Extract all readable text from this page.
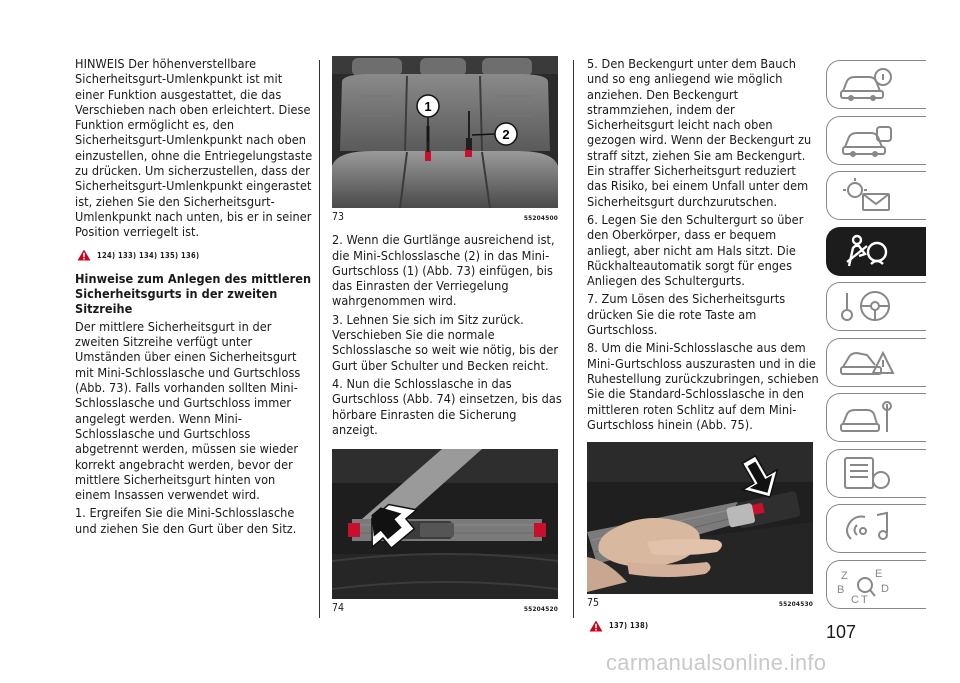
HINWEIS Der höhenverstellbare Sicherheitsgurt-Umlenkpunkt ist mit einer Funktion ausgestattet, die das Verschieben nach oben erleichtert. Diese Funktion ermöglicht es, den Sicherheitsgurt-Umlenkpunkt nach oben einzustellen, ohne die Entriegelungstaste zu drücken. Um sicherzustellen, dass der Sicherheitsgurt-Umlenkpunkt eingerastet ist, ziehen Sie den Sicherheitsgurt-Umlenkpunkt nach unten, bis er in seiner Position verriegelt ist.

124) 133) 134) 135) 136)

Hinweise zum Anlegen des mittleren Sicherheitsgurts in der zweiten Sitzreihe

Der mittlere Sicherheitsgurt in der zweiten Sitzreihe verfügt unter Umständen über einen Sicherheitsgurt mit Mini-Schlosslasche und Gurtschloss (Abb. 73). Falls vorhanden sollten Mini-Schlosslasche und Gurtschloss immer angelegt werden. Wenn Mini-Schlosslasche und Gurtschloss abgetrennt werden, müssen sie wieder korrekt angebracht werden, bevor der mittlere Sicherheitsgurt hinten von einem Insassen verwendet wird.

1. Ergreifen Sie die Mini-Schlosslasche und ziehen Sie den Gurt über den Sitz.

1
2
73	55204500

2. Wenn die Gurtlänge ausreichend ist, die Mini-Schlosslasche (2) in das Mini-Gurtschloss (1) (Abb. 73) einfügen, bis das Einrasten der Verriegelung wahrgenommen wird.

3. Lehnen Sie sich im Sitz zurück. Verschieben Sie die normale Schlosslasche so weit wie nötig, bis der Gurt über Schulter und Becken reicht.

4. Nun die Schlosslasche in das Gurtschloss (Abb. 74) einsetzen, bis das hörbare Einrasten die Sicherung anzeigt.

74	55204520

5. Den Beckengurt unter dem Bauch und so eng anliegend wie möglich anziehen. Den Beckengurt strammziehen, indem der Sicherheitsgurt leicht nach oben gezogen wird. Wenn der Beckengurt zu straff sitzt, ziehen Sie am Beckengurt. Ein straffer Sicherheitsgurt reduziert das Risiko, bei einem Unfall unter dem Sicherheitsgurt durchzurutschen.

6. Legen Sie den Schultergurt so über den Oberkörper, dass er bequem anliegt, aber nicht am Hals sitzt. Die Rückhalteautomatik sorgt für enges Anliegen des Schultergurts.

7. Zum Lösen des Sicherheitsgurts drücken Sie die rote Taste am Gurtschloss.

8. Um die Mini-Schlosslasche aus dem Mini-Gurtschloss auszurasten und in die Ruhestellung zurückzubringen, schieben Sie die Standard-Schlosslasche in den mittleren roten Schlitz auf dem Mini-Gurtschloss hinein (Abb. 75).

75	55204530
137) 138)
Z E
B	D
C T
107
carmanualsonline.info
